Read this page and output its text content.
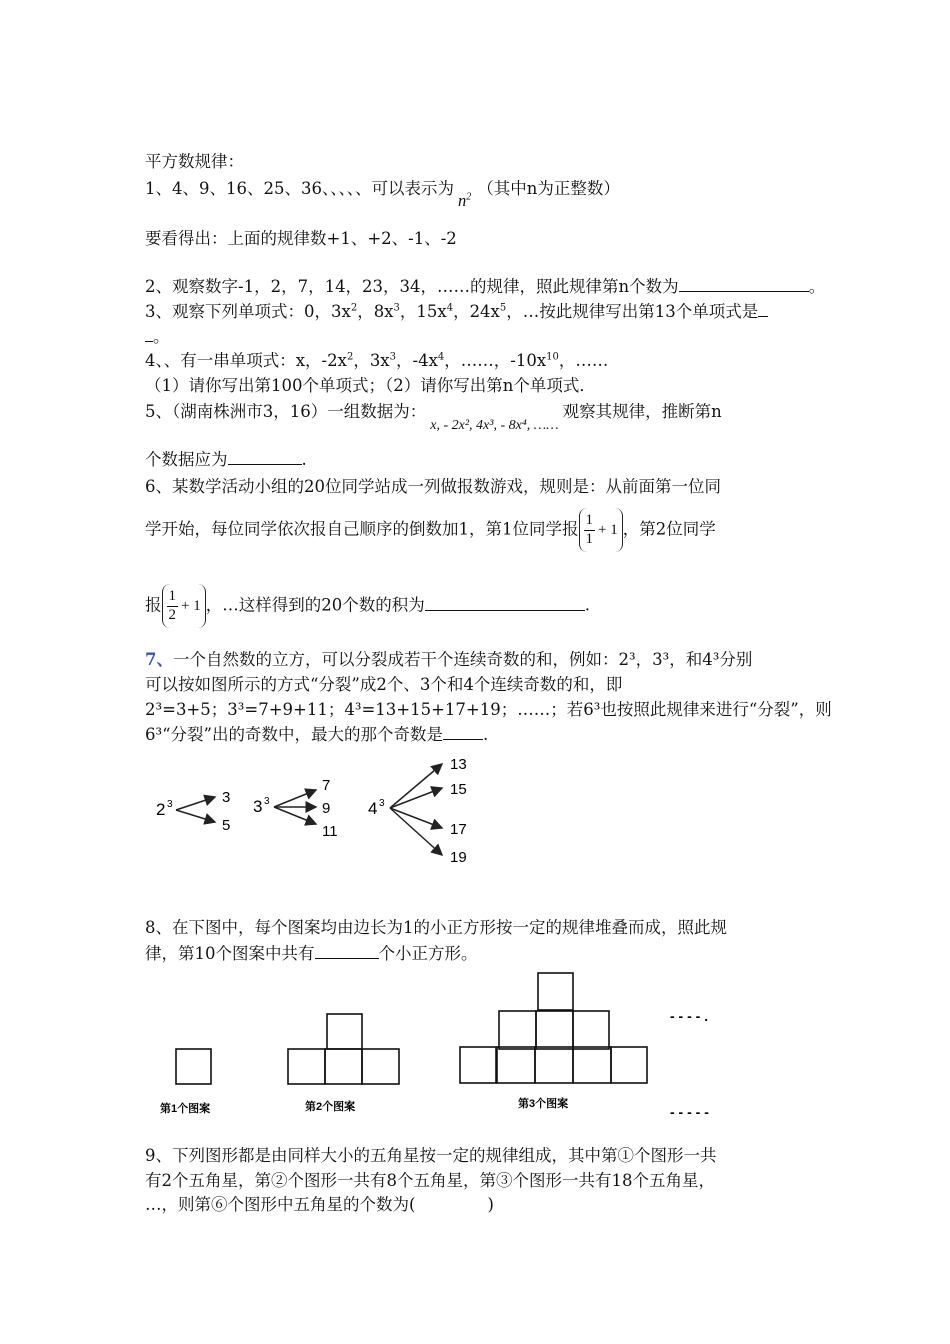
平方数规律：
1、4、9、16、25、36、、、、、可以表示为$n^2$ （其中n为正整数）
要看得出：上面的规律数+1、+2、-1、-2
2、观察数字-1，2，7，14，23，34，……的规律，照此规律第n个数为	。
3、观察下列单项式：0，$3x^2$，$8x^3$，$15x^4$，$24x^5$，…按此规律写出第13个单项式是
。
4、、有一串单项式：x，$-2x^2$，$3x^3$，$-4x^4$，……，$-10x^{10}$，……
（1）请你写出第100个单项式；（2）请你写出第n个单项式．
5、（湖南株洲市3，16）一组数据为：$_{x, - 2x^2, 4x^3, - 8x^4, \dots\dots}$观察其规律，推断第n
个数据应为	.
6、某数学活动小组的20位同学站成一列做报数游戏，规则是：从前面第一位同
学开始，每位同学依次报自己顺序的倒数加1，第1位同学报 $\frac{1}{1} + 1$ ，第2位同学
报 $\frac{1}{2} + 1$ ，…这样得到的20个数的积为	.
7、一个自然数的立方，可以分裂成若干个连续奇数的和，例如：2³，3³，和4³分别
可以按如图所示的方式“分裂”成2个、3个和4个连续奇数的和，即
2³=3+5；3³=7+9+11；4³=13+15+17+19；……；若6³也按照此规律来进行“分裂”，则
6³“分裂”出的奇数中，最大的那个奇数是 .
2 3	3
5
3 3
7
9
11
4 3
13
15
17
19
8、在下图中，每个图案均由边长为1的小正方形按一定的规律堆叠而成，照此规
律，第10个图案中共有	个小正方形。
第1个图案	第2个图案	第3个图案
- - - - .
- - - - -
9、下列图形都是由同样大小的五角星按一定的规律组成，其中第①个图形一共
有2个五角星，第②个图形一共有8个五角星，第③个图形一共有18个五角星，
…，则第⑥个图形中五角星的个数为(	)
